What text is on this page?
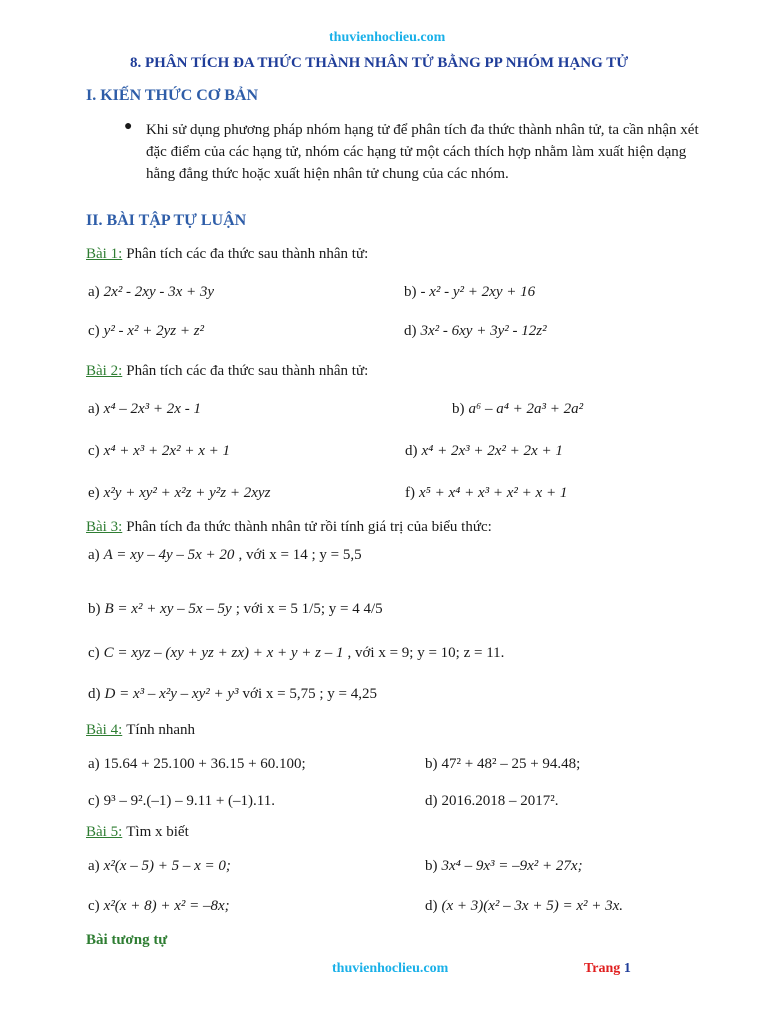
thuvienhoclieu.com
8. PHÂN TÍCH ĐA THỨC THÀNH NHÂN TỬ BẰNG PP NHÓM HẠNG TỬ
I. KIẾN THỨC CƠ BẢN
● Khi sử dụng phương pháp nhóm hạng tử để phân tích đa thức thành nhân tử, ta cần nhận xét đặc điểm của các hạng tử, nhóm các hạng tử một cách thích hợp nhằm làm xuất hiện dạng hằng đẳng thức hoặc xuất hiện nhân tử chung của các nhóm.
II. BÀI TẬP TỰ LUẬN
Bài 1: Phân tích các đa thức sau thành nhân tử:
a) 2x² - 2xy - 3x + 3y	b) - x² - y² + 2xy + 16
c) y² - x² + 2yz + z²	d) 3x² - 6xy + 3y² - 12z²
Bài 2: Phân tích các đa thức sau thành nhân tử:
a) x⁴ – 2x³ + 2x - 1	b) a⁶ – a⁴ + 2a³ + 2a²
c) x⁴ + x³ + 2x² + x + 1	d) x⁴ + 2x³ + 2x² + 2x + 1
e) x²y + xy² + x²z + y²z + 2xyz	f) x⁵ + x⁴ + x³ + x² + x + 1
Bài 3: Phân tích đa thức thành nhân tử rồi tính giá trị của biểu thức:
a) A = xy – 4y – 5x + 20 , với x = 14 ; y = 5,5
b) B = x² + xy – 5x – 5y ; với x = 5 1/5; y = 4 4/5
c) C = xyz – (xy + yz + zx) + x + y + z – 1 , với x = 9; y = 10; z = 11.
d) D = x³ – x²y – xy² + y³ với x = 5,75 ; y = 4,25
Bài 4: Tính nhanh
a) 15.64 + 25.100 + 36.15 + 60.100;	b) 47² + 48² – 25 + 94.48;
c) 9³ – 9².(–1) – 9.11 + (–1).11.	d) 2016.2018 – 2017².
Bài 5: Tìm x biết
a) x²(x – 5) + 5 – x = 0;	b) 3x⁴ – 9x³ = –9x² + 27x;
c) x²(x + 8) + x² = –8x;	d) (x + 3)(x² – 3x + 5) = x² + 3x.
Bài tương tự
thuvienhoclieu.com	Trang 1
